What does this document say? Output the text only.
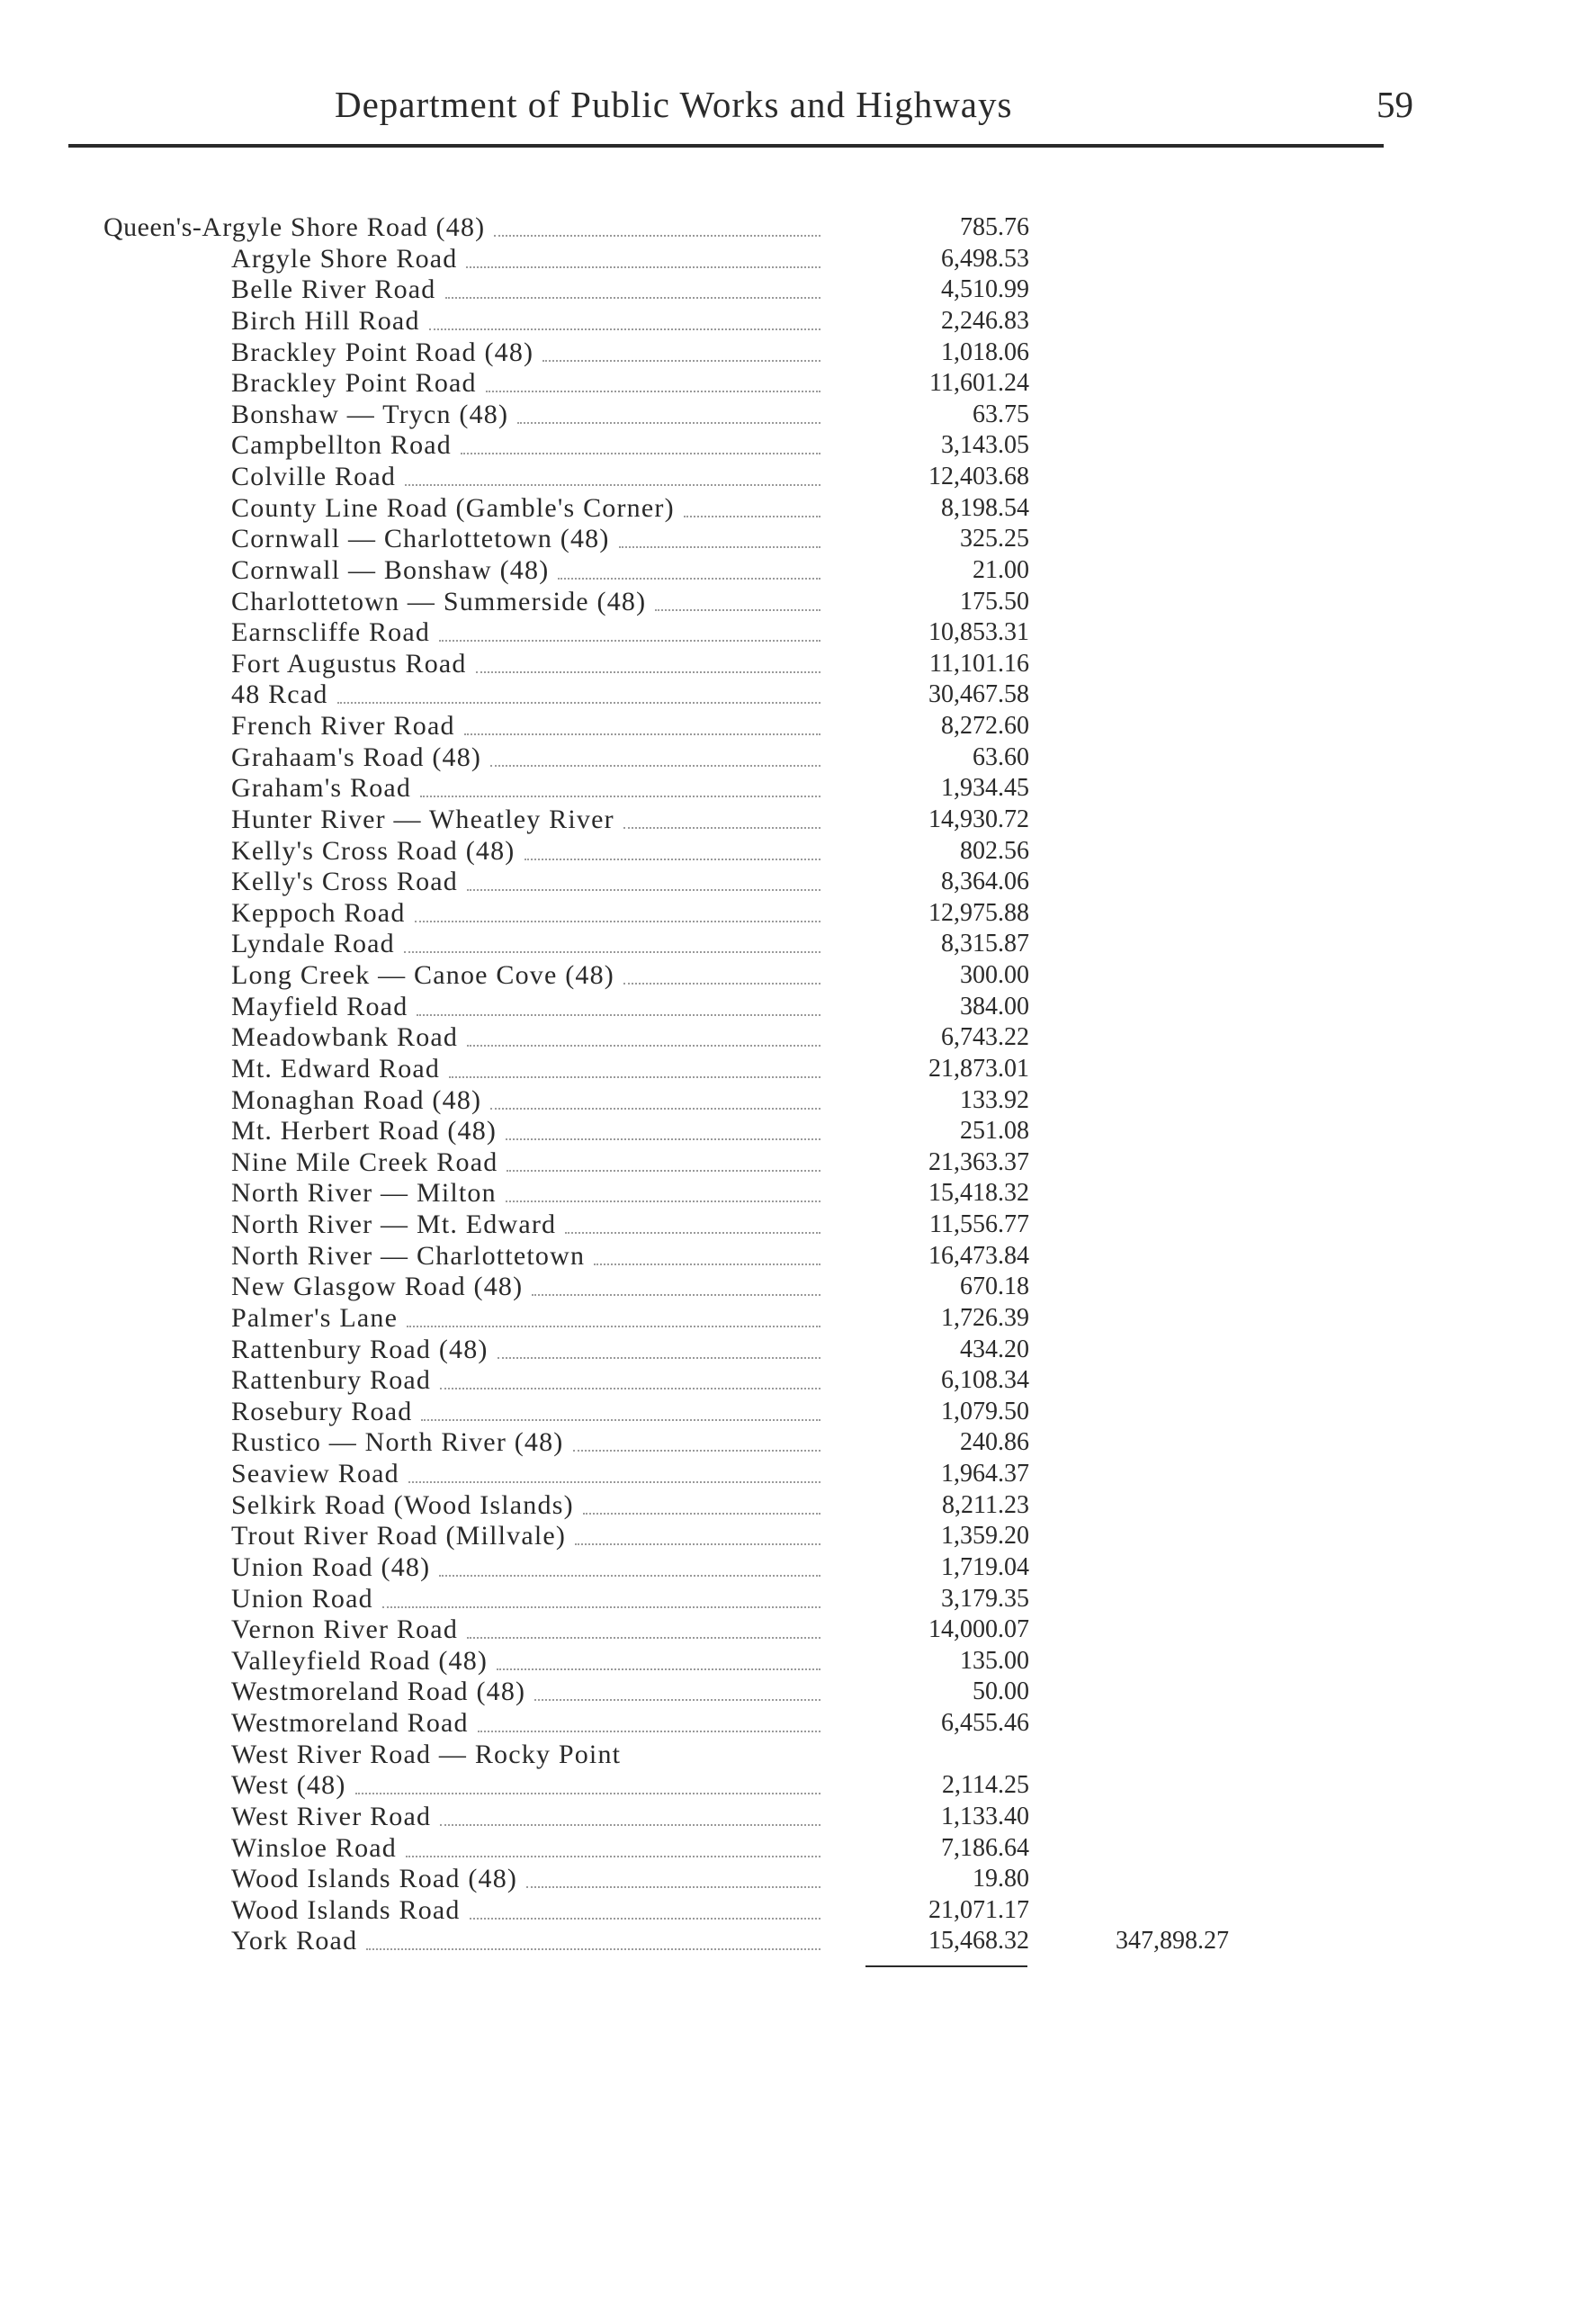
Department of Public Works and Highways	59
Queen's-Argyle Shore Road (48)	785.76
Argyle Shore Road	6,498.53
Belle River Road	4,510.99
Birch Hill Road	2,246.83
Brackley Point Road (48)	1,018.06
Brackley Point Road	11,601.24
Bonshaw — Trycn (48)	63.75
Campbellton Road	3,143.05
Colville Road	12,403.68
County Line Road (Gamble's Corner)	8,198.54
Cornwall — Charlottetown (48)	325.25
Cornwall — Bonshaw (48)	21.00
Charlottetown — Summerside (48)	175.50
Earnscliffe Road	10,853.31
Fort Augustus Road	11,101.16
48 Rcad	30,467.58
French River Road	8,272.60
Grahaam's Road (48)	63.60
Graham's Road	1,934.45
Hunter River — Wheatley River	14,930.72
Kelly's Cross Road (48)	802.56
Kelly's Cross Road	8,364.06
Keppoch Road	12,975.88
Lyndale Road	8,315.87
Long Creek — Canoe Cove (48)	300.00
Mayfield Road	384.00
Meadowbank Road	6,743.22
Mt. Edward Road	21,873.01
Monaghan Road (48)	133.92
Mt. Herbert Road (48)	251.08
Nine Mile Creek Road	21,363.37
North River — Milton	15,418.32
North River — Mt. Edward	11,556.77
North River — Charlottetown	16,473.84
New Glasgow Road (48)	670.18
Palmer's Lane	1,726.39
Rattenbury Road (48)	434.20
Rattenbury Road	6,108.34
Rosebury Road	1,079.50
Rustico — North River (48)	240.86
Seaview Road	1,964.37
Selkirk Road (Wood Islands)	8,211.23
Trout River Road (Millvale)	1,359.20
Union Road (48)	1,719.04
Union Road	3,179.35
Vernon River Road	14,000.07
Valleyfield Road (48)	135.00
Westmoreland Road (48)	50.00
Westmoreland Road	6,455.46
West River Road — Rocky Point
West (48)	2,114.25
West River Road	1,133.40
Winsloe Road	7,186.64
Wood Islands Road (48)	19.80
Wood Islands Road	21,071.17
York Road	15,468.32	347,898.27
